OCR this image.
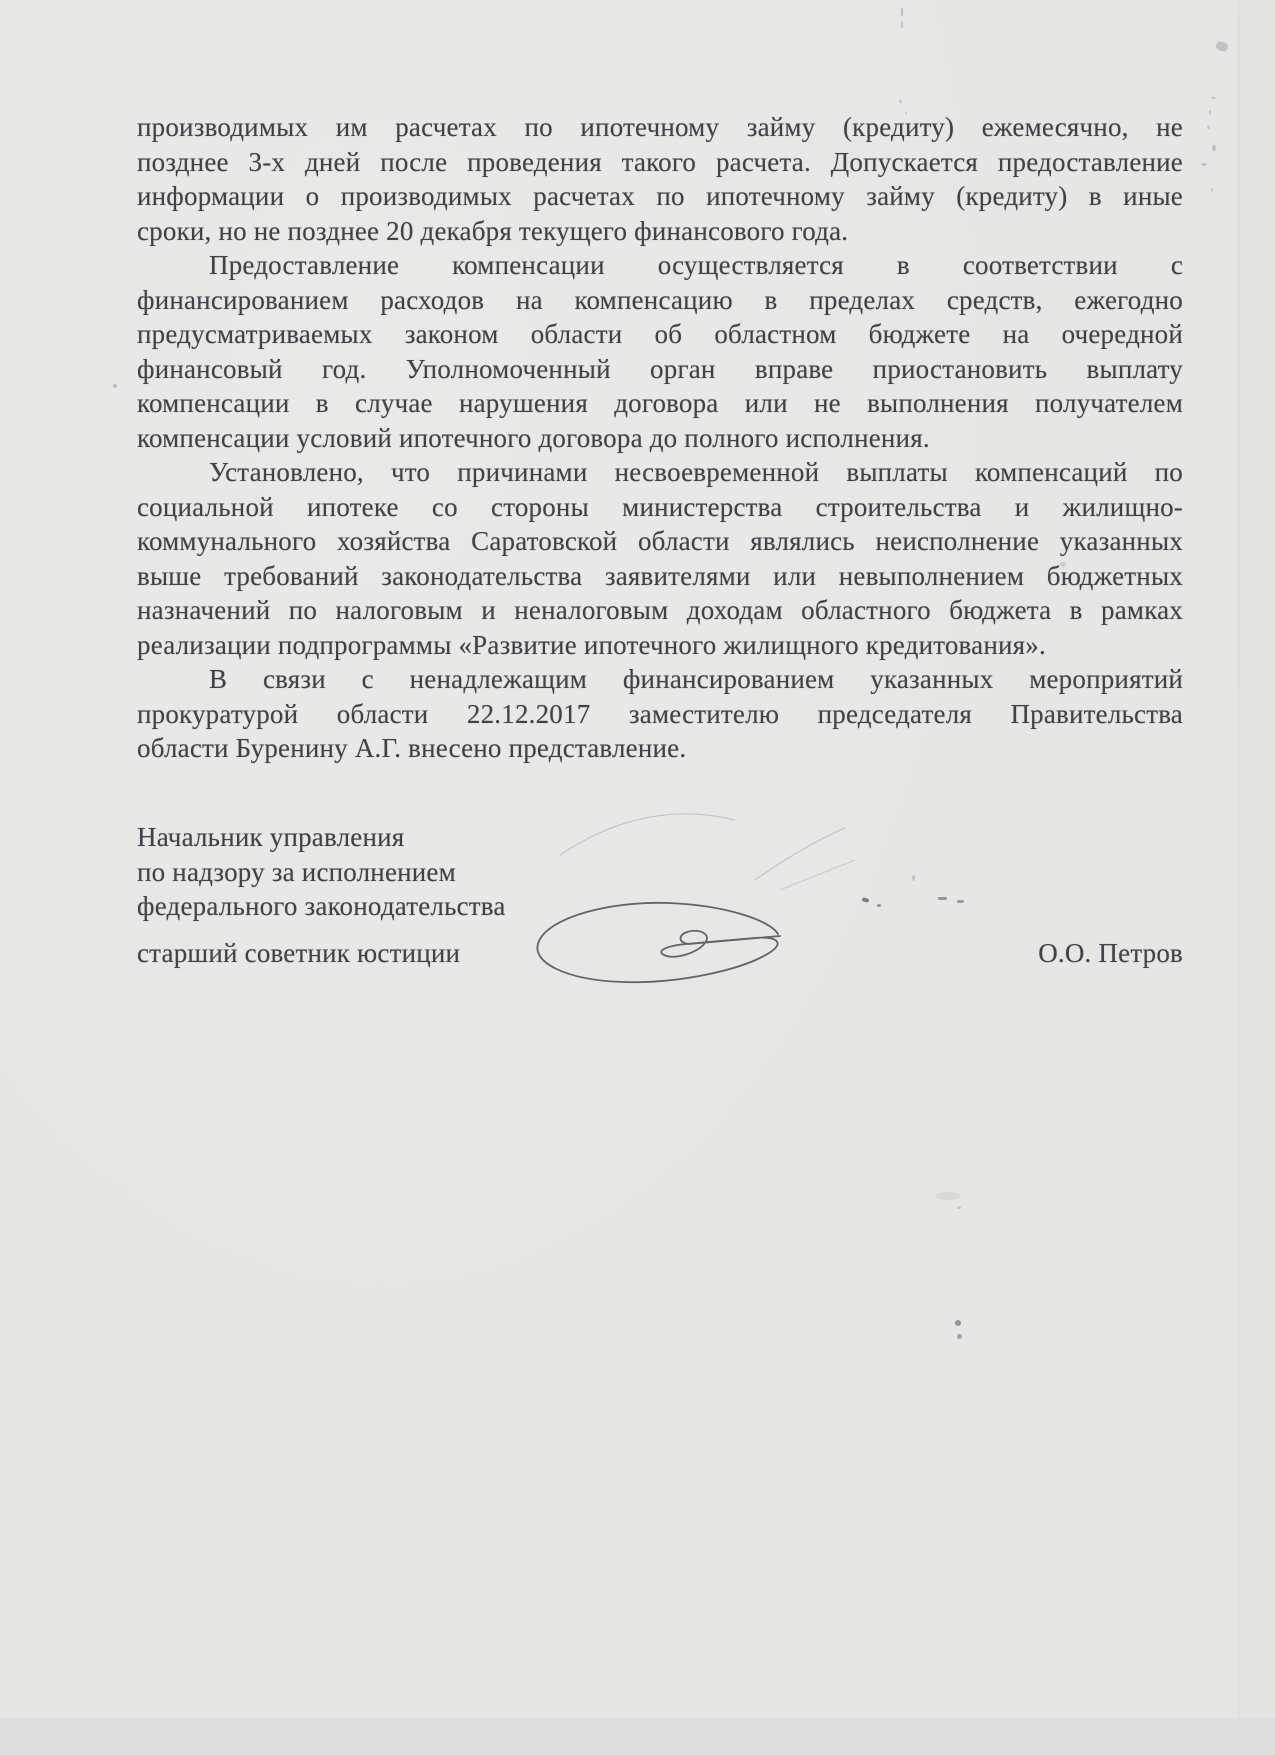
производимых им расчетах по ипотечному займу (кредиту) ежемесячно, не
позднее 3-х дней после проведения такого расчета. Допускается предоставление
информации о производимых расчетах по ипотечному займу (кредиту) в иные
сроки, но не позднее 20 декабря текущего финансового года.
Предоставление компенсации осуществляется в соответствии с
финансированием расходов на компенсацию в пределах средств, ежегодно
предусматриваемых законом области об областном бюджете на очередной
финансовый год. Уполномоченный орган вправе приостановить выплату
компенсации в случае нарушения договора или не выполнения получателем
компенсации условий ипотечного договора до полного исполнения.
Установлено, что причинами несвоевременной выплаты компенсаций по
социальной ипотеке со стороны министерства строительства и жилищно-
коммунального хозяйства Саратовской области являлись неисполнение указанных
выше требований законодательства заявителями или невыполнением бюджетных
назначений по налоговым и неналоговым доходам областного бюджета в рамках
реализации подпрограммы «Развитие ипотечного жилищного кредитования».
В связи с ненадлежащим финансированием указанных мероприятий
прокуратурой области 22.12.2017 заместителю председателя Правительства
области Буренину А.Г. внесено представление.
Начальник управления
по надзору за исполнением
федерального законодательства
старший советник юстиции	О.О. Петров
